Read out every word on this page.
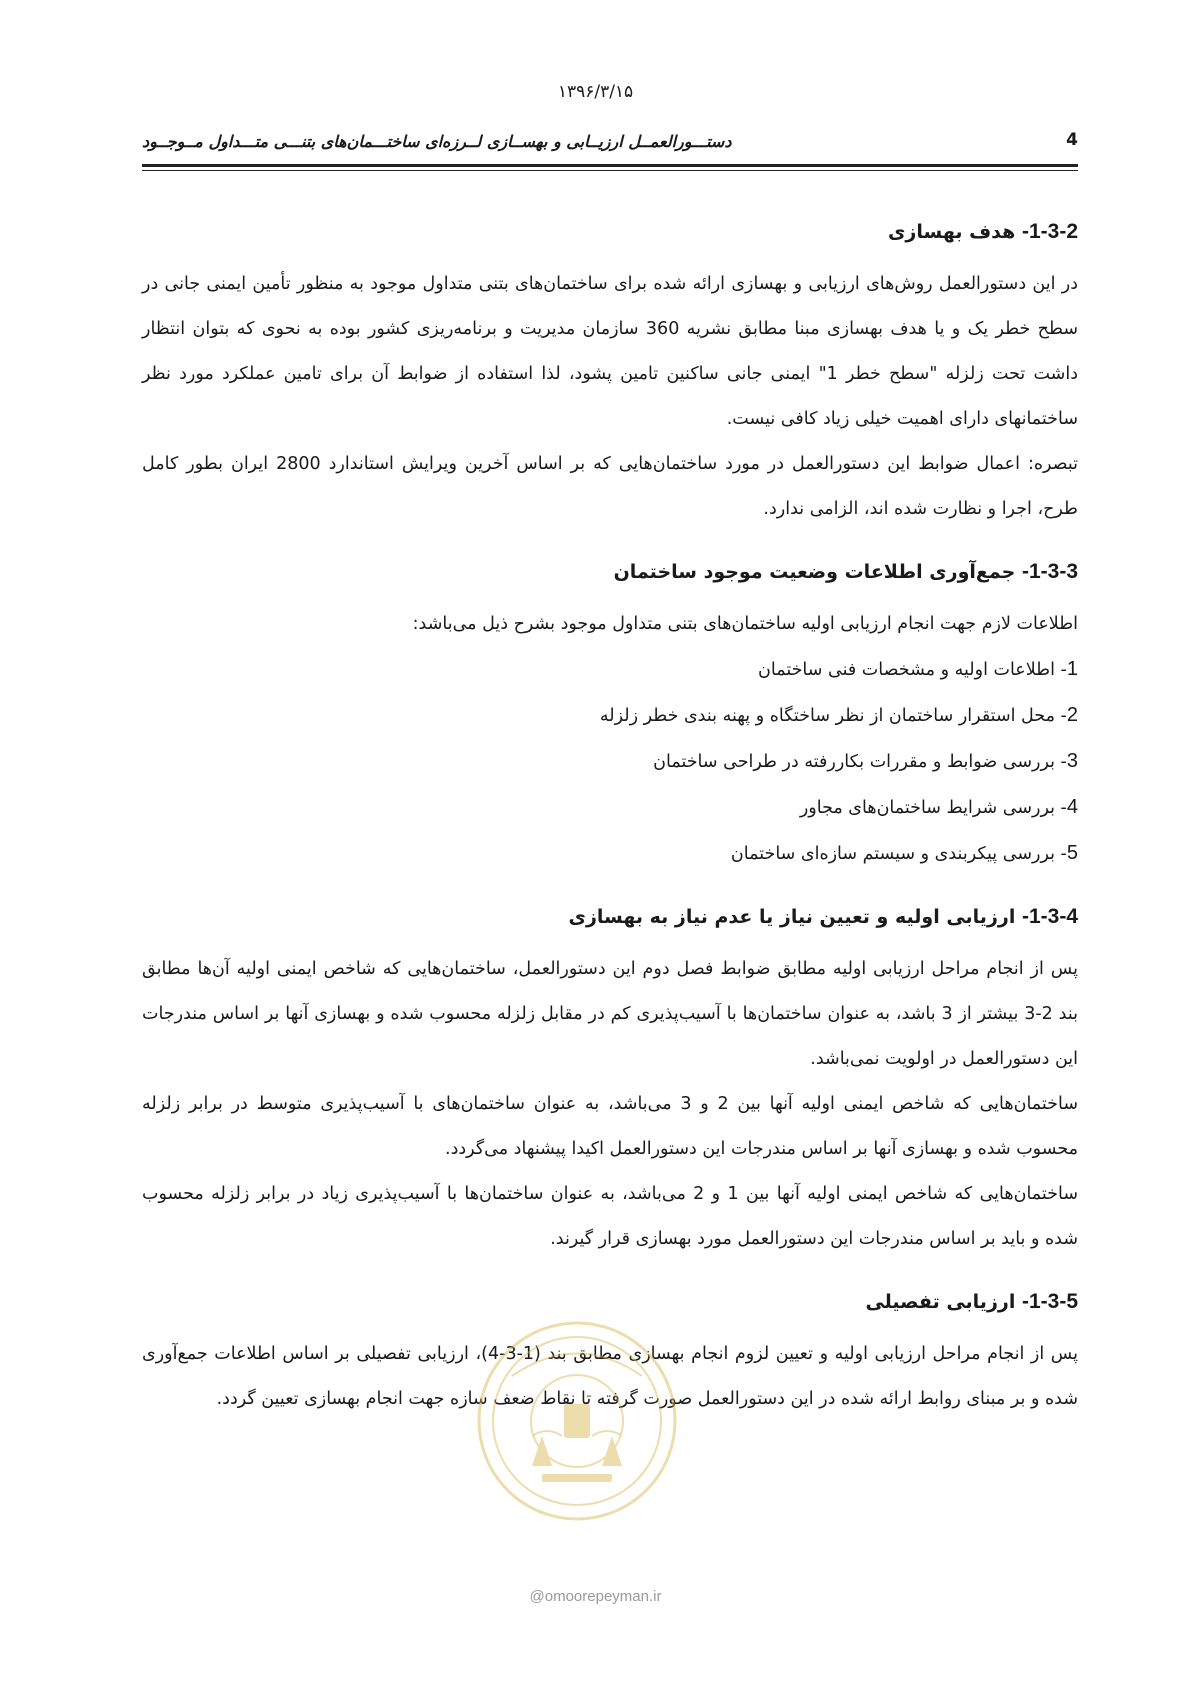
۱۳۹۶/۳/۱۵
4
دستـــورالعمــل ارزیــابی و بهســازی لــرزه‌ای ساختـــمان‌های بتنـــی متـــداول مــوجــود
1-3-2- هدف بهسازی

در این دستورالعمل روش‌های ارزیابی و بهسازی ارائه شده برای ساختمان‌های بتنی متداول موجود به منظور تأمین ایمنی جانی در سطح خطر یک و یا هدف بهسازی مبنا مطابق نشریه 360 سازمان مدیریت و برنامه‌ریزی کشور بوده به نحوی که بتوان انتظار داشت تحت زلزله "سطح خطر 1" ایمنی جانی ساکنین تامین پشود، لذا استفاده از ضوابط آن برای تامین عملکرد مورد نظر ساختمانهای دارای اهمیت خیلی زیاد کافی نیست.

تبصره: اعمال ضوابط این دستورالعمل در مورد ساختمان‌هایی که بر اساس آخرین ویرایش استاندارد 2800 ایران بطور کامل طرح، اجرا و نظارت شده اند، الزامی ندارد.

1-3-3- جمع‌آوری اطلاعات وضعیت موجود ساختمان

اطلاعات لازم جهت انجام ارزیابی اولیه ساختمان‌های بتنی متداول موجود بشرح ذیل می‌باشد:

1- اطلاعات اولیه و مشخصات فنی ساختمان
2- محل استقرار ساختمان از نظر ساختگاه و پهنه بندی خطر زلزله
3- بررسی ضوابط و مقررات بکاررفته در طراحی ساختمان
4- بررسی شرایط ساختمان‌های مجاور
5- بررسی پیکربندی و سیستم سازه‌ای ساختمان
1-3-4- ارزیابی اولیه و تعیین نیاز یا عدم نیاز به بهسازی

پس از انجام مراحل ارزیابی اولیه مطابق ضوابط فصل دوم این دستورالعمل، ساختمان‌هایی که شاخص ایمنی اولیه آن‌ها مطابق بند 2-3 بیشتر از 3 باشد، به عنوان ساختمان‌ها با آسیب‌پذیری کم در مقابل زلزله محسوب شده و بهسازی آنها بر اساس مندرجات این دستورالعمل در اولویت نمی‌باشد.

ساختمان‌هایی که شاخص ایمنی اولیه آنها بین 2 و 3 می‌باشد، به عنوان ساختمان‌های با آسیب‌پذیری متوسط در برابر زلزله محسوب شده و بهسازی آنها بر اساس مندرجات این دستورالعمل اکیدا پیشنهاد می‌گردد.

ساختمان‌هایی که شاخص ایمنی اولیه آنها بین 1 و 2 می‌باشد، به عنوان ساختمان‌ها با آسیب‌پذیری زیاد در برابر زلزله محسوب شده و باید بر اساس مندرجات این دستورالعمل مورد بهسازی قرار گیرند.

1-3-5- ارزیابی تفصیلی

پس از انجام مراحل ارزیابی اولیه و تعیین لزوم انجام بهسازی مطابق بند (1-3-4)، ارزیابی تفصیلی بر اساس اطلاعات جمع‌آوری شده و بر مبنای روابط ارائه شده در این دستورالعمل صورت گرفته تا نقاط ضعف سازه جهت انجام بهسازی تعیین گردد.

@omoorepeyman.ir
